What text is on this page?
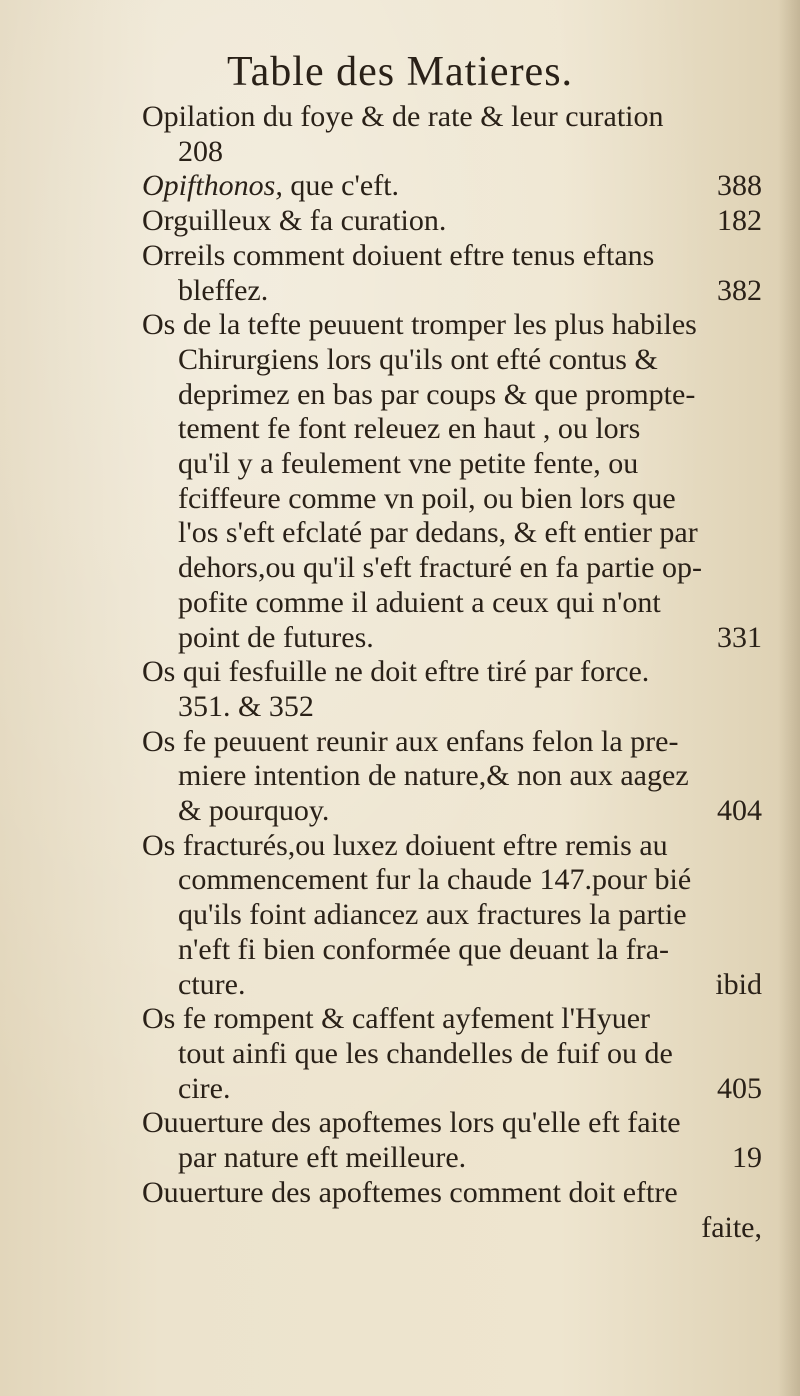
Table des Matieres.
Opilation du foye & de rate & leur curation
208
Opifthonos, que c'eft.	388
Orguilleux & fa curation.	182
Orreils comment doiuent eftre tenus eftans
bleffez.	382
Os de la tefte peuuent tromper les plus habiles
Chirurgiens lors qu'ils ont efté contus &
deprimez en bas par coups & que prompte-
tement fe font releuez en haut , ou lors
qu'il y a feulement vne petite fente, ou
fciffeure comme vn poil, ou bien lors que
l'os s'eft efclaté par dedans, & eft entier par
dehors,ou qu'il s'eft fracturé en fa partie op-
pofite comme il aduient a ceux qui n'ont
point de futures.	331
Os qui fesfuille ne doit eftre tiré par force.
351. & 352
Os fe peuuent reunir aux enfans felon la pre-
miere intention de nature,& non aux aagez
& pourquoy.	404
Os fracturés,ou luxez doiuent eftre remis au
commencement fur la chaude 147.pour bié
qu'ils foint adiancez aux fractures la partie
n'eft fi bien conformée que deuant la fra-
cture.	ibid
Os fe rompent & caffent ayfement l'Hyuer
tout ainfi que les chandelles de fuif ou de
cire.	405
Ouuerture des apoftemes lors qu'elle eft faite
par nature eft meilleure.	19
Ouuerture des apoftemes comment doit eftre
faite,
